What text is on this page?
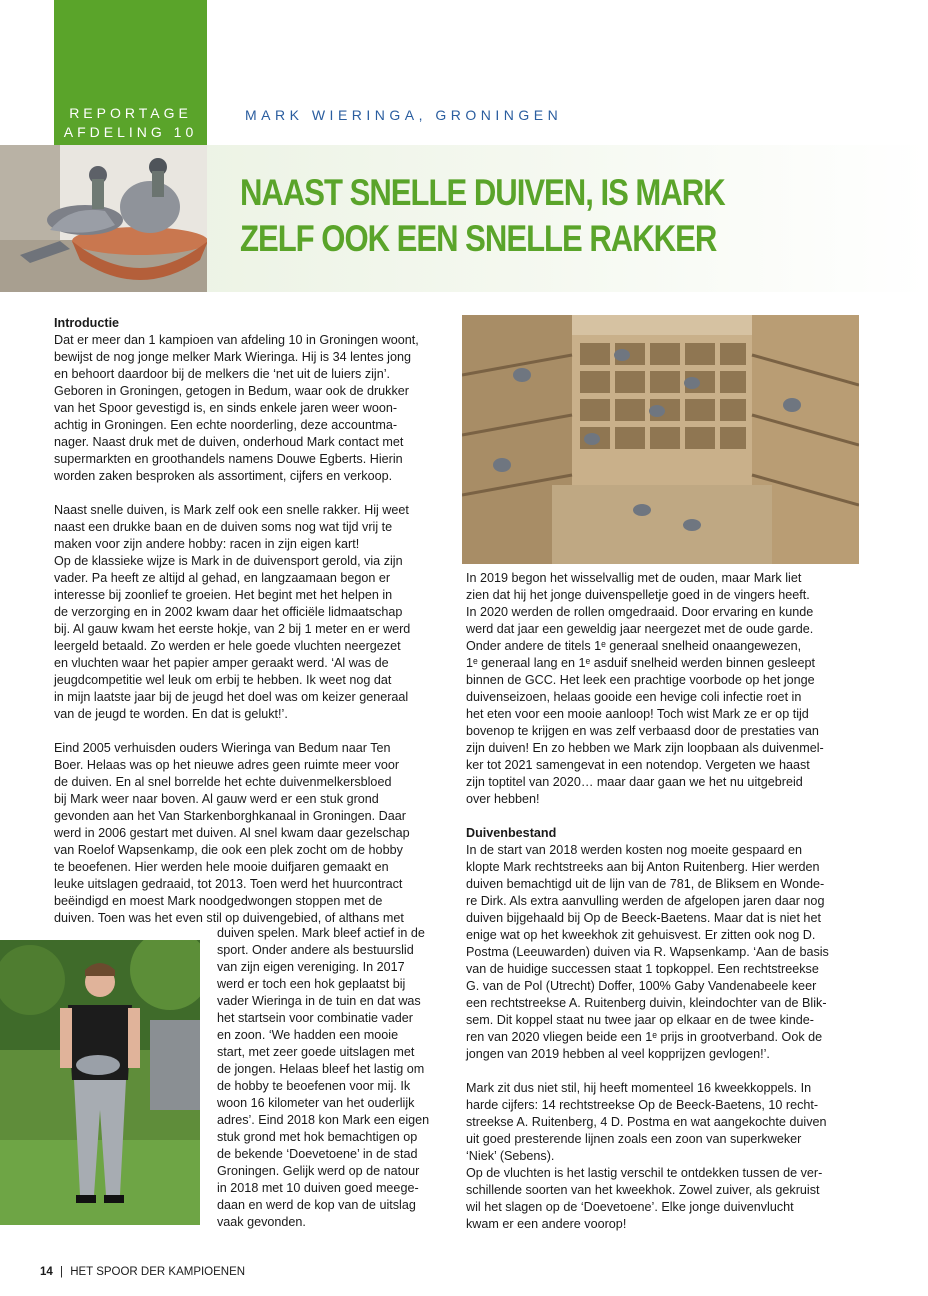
REPORTAGE
AFDELING 10
MARK WIERINGA, GRONINGEN
NAAST SNELLE DUIVEN, IS MARK
ZELF OOK EEN SNELLE RAKKER

Introductie

Dat er meer dan 1 kampioen van afdeling 10 in Groningen woont,
bewijst de nog jonge melker Mark Wieringa. Hij is 34 lentes jong
en behoort daardoor bij de melkers die ‘net uit de luiers zijn’.
Geboren in Groningen, getogen in Bedum, waar ook de drukker
van het Spoor gevestigd is, en sinds enkele jaren weer woon-
achtig in Groningen. Een echte noorderling, deze accountma-
nager. Naast druk met de duiven, onderhoud Mark contact met
supermarkten en groothandels namens Douwe Egberts. Hierin
worden zaken besproken als assortiment, cijfers en verkoop.

Naast snelle duiven, is Mark zelf ook een snelle rakker. Hij weet
naast een drukke baan en de duiven soms nog wat tijd vrij te
maken voor zijn andere hobby: racen in zijn eigen kart!
Op de klassieke wijze is Mark in de duivensport gerold, via zijn
vader. Pa heeft ze altijd al gehad, en langzaamaan begon er
interesse bij zoonlief te groeien. Het begint met het helpen in
de verzorging en in 2002 kwam daar het officiële lidmaatschap
bij. Al gauw kwam het eerste hokje, van 2 bij 1 meter en er werd
leergeld betaald. Zo werden er hele goede vluchten neergezet
en vluchten waar het papier amper geraakt werd. ‘Al was de
jeugdcompetitie wel leuk om erbij te hebben. Ik weet nog dat
in mijn laatste jaar bij de jeugd het doel was om keizer generaal
van de jeugd te worden. En dat is gelukt!’.

Eind 2005 verhuisden ouders Wieringa van Bedum naar Ten
Boer. Helaas was op het nieuwe adres geen ruimte meer voor
de duiven. En al snel borrelde het echte duivenmelkersbloed
bij Mark weer naar boven. Al gauw werd er een stuk grond
gevonden aan het Van Starkenborghkanaal in Groningen. Daar
werd in 2006 gestart met duiven. Al snel kwam daar gezelschap
van Roelof Wapsenkamp, die ook een plek zocht om de hobby
te beoefenen. Hier werden hele mooie duifjaren gemaakt en
leuke uitslagen gedraaid, tot 2013. Toen werd het huurcontract
beëindigd en moest Mark noodgedwongen stoppen met de
duiven. Toen was het even stil op duivengebied, of althans met

duiven spelen. Mark bleef actief in de
sport. Onder andere als bestuurslid
van zijn eigen vereniging. In 2017
werd er toch een hok geplaatst bij
vader Wieringa in de tuin en dat was
het startsein voor combinatie vader
en zoon. ‘We hadden een mooie
start, met zeer goede uitslagen met
de jongen. Helaas bleef het lastig om
de hobby te beoefenen voor mij. Ik
woon 16 kilometer van het ouderlijk
adres’. Eind 2018 kon Mark een eigen
stuk grond met hok bemachtigen op
de bekende ‘Doevetoene’ in de stad
Groningen. Gelijk werd op de natour
in 2018 met 10 duiven goed meege-
daan en werd de kop van de uitslag
vaak gevonden.

In 2019 begon het wisselvallig met de ouden, maar Mark liet
zien dat hij het jonge duivenspelletje goed in de vingers heeft.
In 2020 werden de rollen omgedraaid. Door ervaring en kunde
werd dat jaar een geweldig jaar neergezet met de oude garde.
Onder andere de titels 1ᵉ generaal snelheid onaangewezen,
1ᵉ generaal lang en 1ᵉ asduif snelheid werden binnen gesleept
binnen de GCC. Het leek een prachtige voorbode op het jonge
duivenseizoen, helaas gooide een hevige coli infectie roet in
het eten voor een mooie aanloop! Toch wist Mark ze er op tijd
bovenop te krijgen en was zelf verbaasd door de prestaties van
zijn duiven! En zo hebben we Mark zijn loopbaan als duivenmel-
ker tot 2021 samengevat in een notendop. Vergeten we haast
zijn toptitel van 2020… maar daar gaan we het nu uitgebreid
over hebben!

Duivenbestand

In de start van 2018 werden kosten nog moeite gespaard en
klopte Mark rechtstreeks aan bij Anton Ruitenberg. Hier werden
duiven bemachtigd uit de lijn van de 781, de Bliksem en Wonde-
re Dirk. Als extra aanvulling werden de afgelopen jaren daar nog
duiven bijgehaald bij Op de Beeck-Baetens. Maar dat is niet het
enige wat op het kweekhok zit gehuisvest. Er zitten ook nog D.
Postma (Leeuwarden) duiven via R. Wapsenkamp. ‘Aan de basis
van de huidige successen staat 1 topkoppel. Een rechtstreekse
G. van de Pol (Utrecht) Doffer, 100% Gaby Vandenabeele keer
een rechtstreekse A. Ruitenberg duivin, kleindochter van de Blik-
sem. Dit koppel staat nu twee jaar op elkaar en de twee kinde-
ren van 2020 vliegen beide een 1ᵉ prijs in grootverband. Ook de
jongen van 2019 hebben al veel kopprijzen gevlogen!’.

Mark zit dus niet stil, hij heeft momenteel 16 kweekkoppels. In
harde cijfers: 14 rechtstreekse Op de Beeck-Baetens, 10 recht-
streekse A. Ruitenberg, 4 D. Postma en wat aangekochte duiven
uit goed presterende lijnen zoals een zoon van superkweker
‘Niek’ (Sebens).
Op de vluchten is het lastig verschil te ontdekken tussen de ver-
schillende soorten van het kweekhok. Zowel zuiver, als gekruist
wil het slagen op de ‘Doevetoene’. Elke jonge duivenvlucht
kwam er een andere voorop!

14 | HET SPOOR DER KAMPIOENEN
